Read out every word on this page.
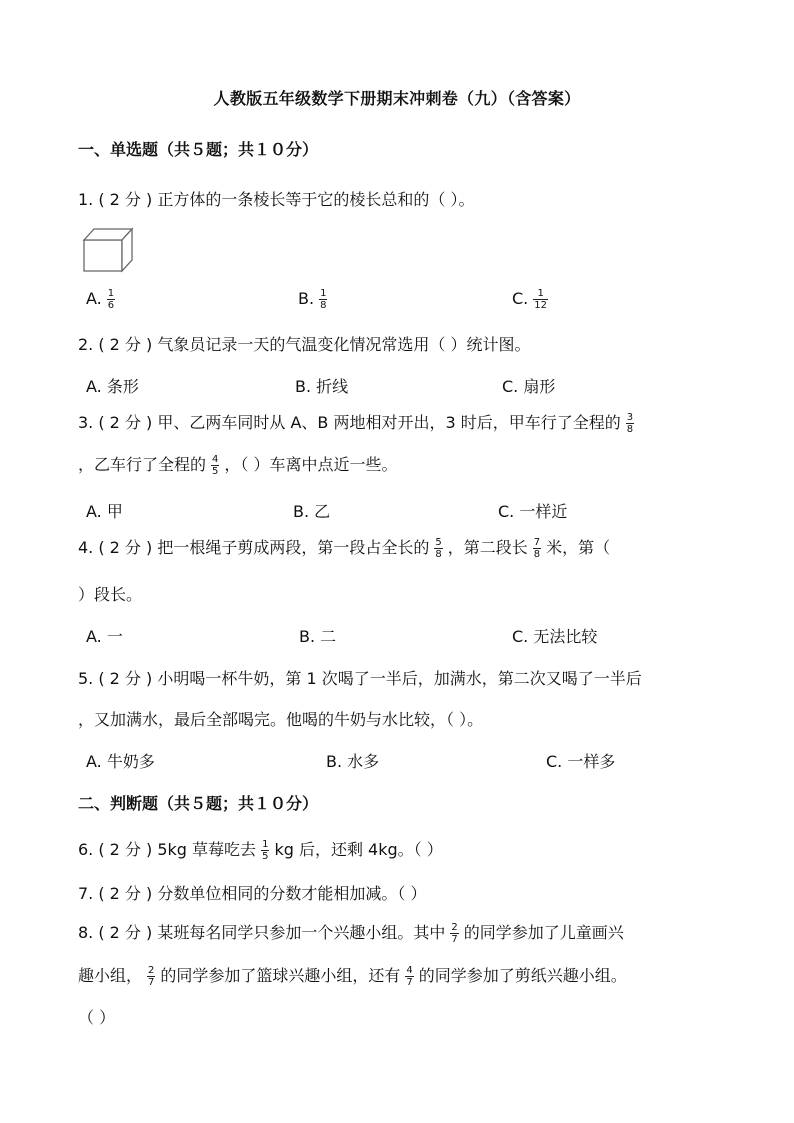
人教版五年级数学下册期末冲刺卷（九）（含答案）
一、单选题（共５题；共１０分）
1. ( 2 分 ) 正方体的一条棱长等于它的棱长总和的（ ）。
A. $\frac{1}{6}$	B. $\frac{1}{8}$	C. $\frac{1}{12}$
2. ( 2 分 ) 气象员记录一天的气温变化情况常选用（ ）统计图。
A. 条形	B. 折线	C. 扇形
3. ( 2 分 ) 甲、乙两车同时从 A、B 两地相对开出，3 时后，甲车行了全程的 $\frac{3}{8}$
，乙车行了全程的 $\frac{4}{5}$ ，（ ）车离中点近一些。
A. 甲	B. 乙	C. 一样近
4. ( 2 分 ) 把一根绳子剪成两段，第一段占全长的 $\frac{5}{8}$ ，第二段长 $\frac{7}{8}$ 米，第（
）段长。
A. 一	B. 二	C. 无法比较
5. ( 2 分 ) 小明喝一杯牛奶，第 1 次喝了一半后，加满水，第二次又喝了一半后
，又加满水，最后全部喝完。他喝的牛奶与水比较，（ ）。
A. 牛奶多	B. 水多	C. 一样多
二、判断题（共５题；共１０分）
6. ( 2 分 ) 5kg 草莓吃去 $\frac{1}{5}$ kg 后，还剩 4kg。（ ）
7. ( 2 分 ) 分数单位相同的分数才能相加减。（ ）
8. ( 2 分 ) 某班每名同学只参加一个兴趣小组。其中 $\frac{2}{7}$ 的同学参加了儿童画兴
趣小组， $\frac{2}{7}$ 的同学参加了篮球兴趣小组，还有 $\frac{4}{7}$ 的同学参加了剪纸兴趣小组。
（ ）
